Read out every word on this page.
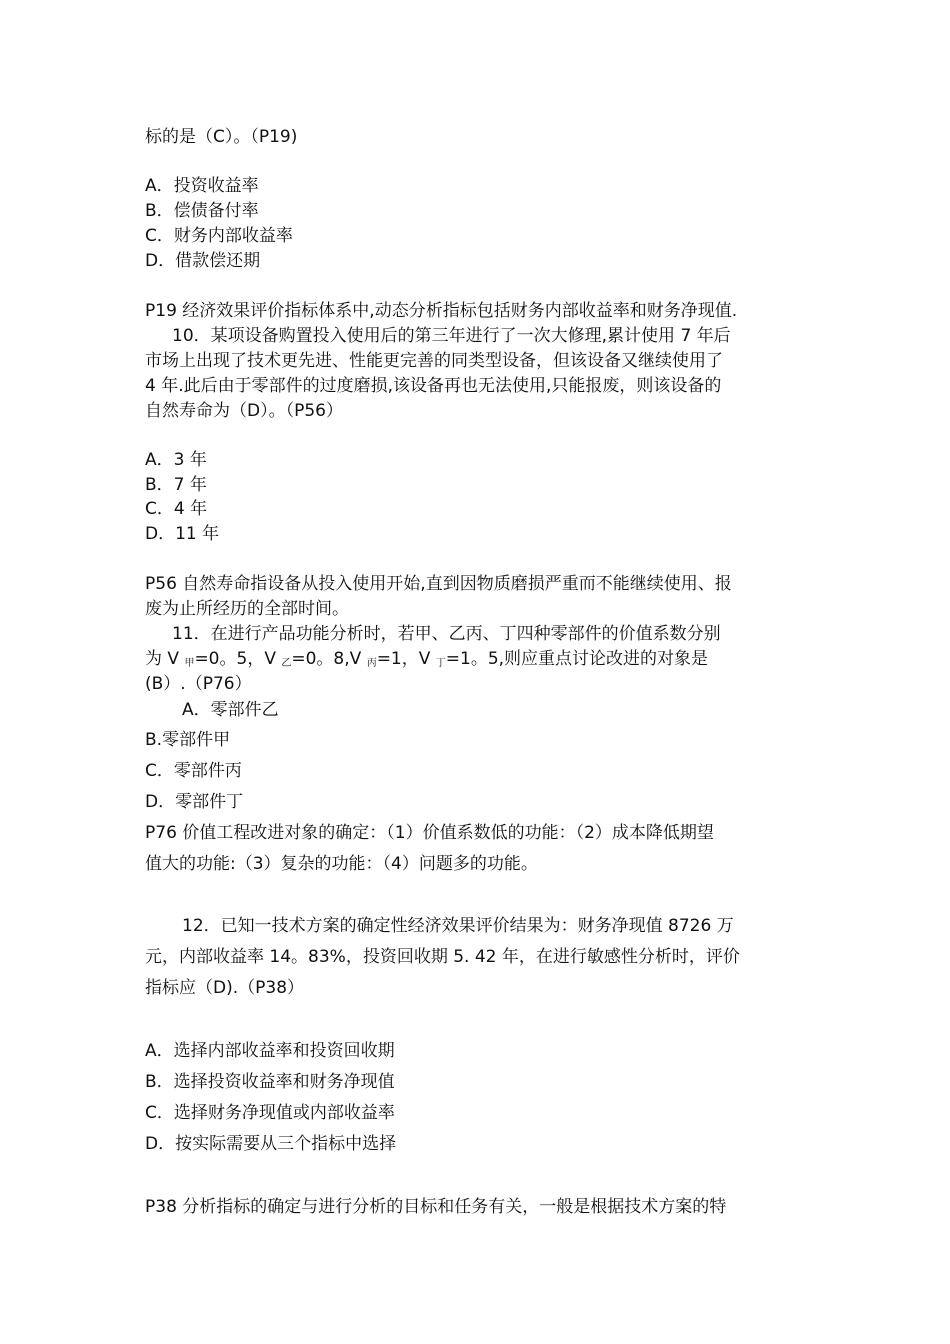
标的是（C）。（P19)
A．投资收益率
B．偿债备付率
C．财务内部收益率
D．借款偿还期
P19 经济效果评价指标体系中,动态分析指标包括财务内部收益率和财务净现值.
10．某项设备购置投入使用后的第三年进行了一次大修理,累计使用 7 年后
市场上出现了技术更先进、性能更完善的同类型设备，但该设备又继续使用了
4 年.此后由于零部件的过度磨损,该设备再也无法使用,只能报废，则该设备的
自然寿命为（D）。（P56）
A．3 年
B．7 年
C．4 年
D．11 年
P56 自然寿命指设备从投入使用开始,直到因物质磨损严重而不能继续使用、报
废为止所经历的全部时间。
11．在进行产品功能分析时，若甲、乙丙、丁四种零部件的价值系数分别
为 V $_甲$=0。5，V $_乙$=0。8,V $_丙$=1，V $_丁$=1。5,则应重点讨论改进的对象是
(B）.（P76）
A．零部件乙
B.零部件甲
C．零部件丙
D．零部件丁
P76 价值工程改进对象的确定：（1）价值系数低的功能：（2）成本降低期望
值大的功能:（3）复杂的功能：（4）问题多的功能。
12．已知一技术方案的确定性经济效果评价结果为：财务净现值 8726 万
元，内部收益率 14。83%，投资回收期 5. 42 年，在进行敏感性分析时，评价
指标应（D).（P38）
A．选择内部收益率和投资回收期
B．选择投资收益率和财务净现值
C．选择财务净现值或内部收益率
D．按实际需要从三个指标中选择
P38 分析指标的确定与进行分析的目标和任务有关，一般是根据技术方案的特
